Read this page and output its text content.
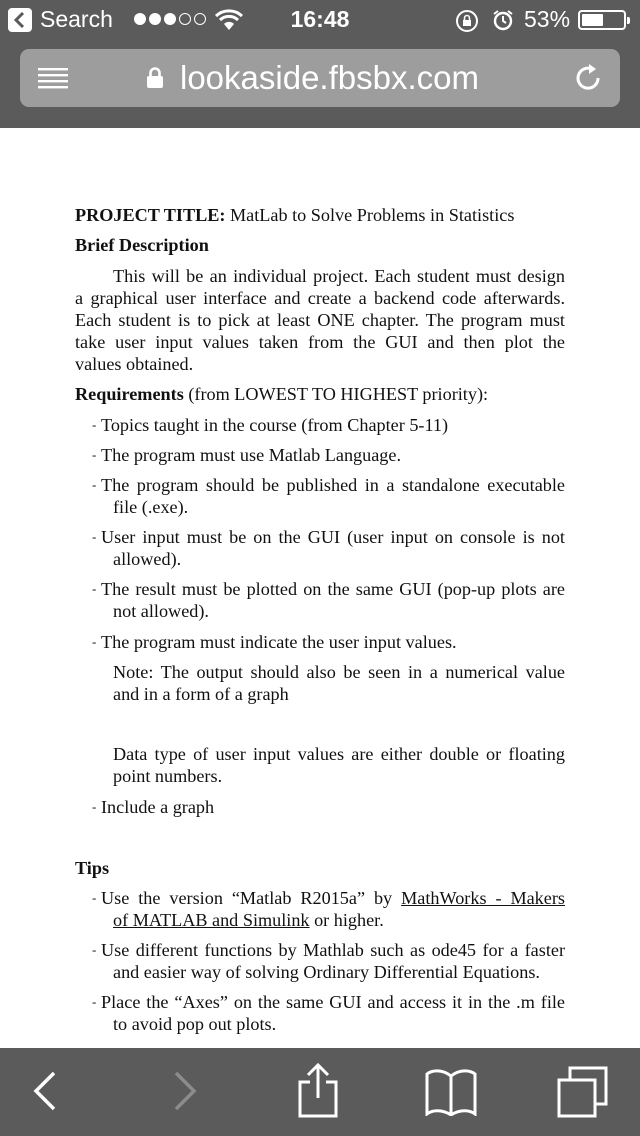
Search	16:48	53%
lookaside.fbsbx.com

PROJECT TITLE: MatLab to Solve Problems in Statistics

Brief Description

This will be an individual project. Each student must design

a graphical user interface and create a backend code afterwards.

Each student is to pick at least ONE chapter. The program must

take user input values taken from the GUI and then plot the

values obtained.

Requirements (from LOWEST TO HIGHEST priority):

- Topics taught in the course (from Chapter 5-11)
- The program must use Matlab Language.
- The program should be published in a standalone executable
file (.exe).
- User input must be on the GUI (user input on console is not
allowed).
- The result must be plotted on the same GUI (pop-up plots are
not allowed).
- The program must indicate the user input values.

Note: The output should also be seen in a numerical value

and in a form of a graph

Data type of user input values are either double or floating

point numbers.

- Include a graph

Tips

- Use the version “Matlab R2015a” by MathWorks - Makers
of MATLAB and Simulink or higher.
- Use different functions by Mathlab such as ode45 for a faster
and easier way of solving Ordinary Differential Equations.
- Place the “Axes” on the same GUI and access it in the .m file
to avoid pop out plots.
